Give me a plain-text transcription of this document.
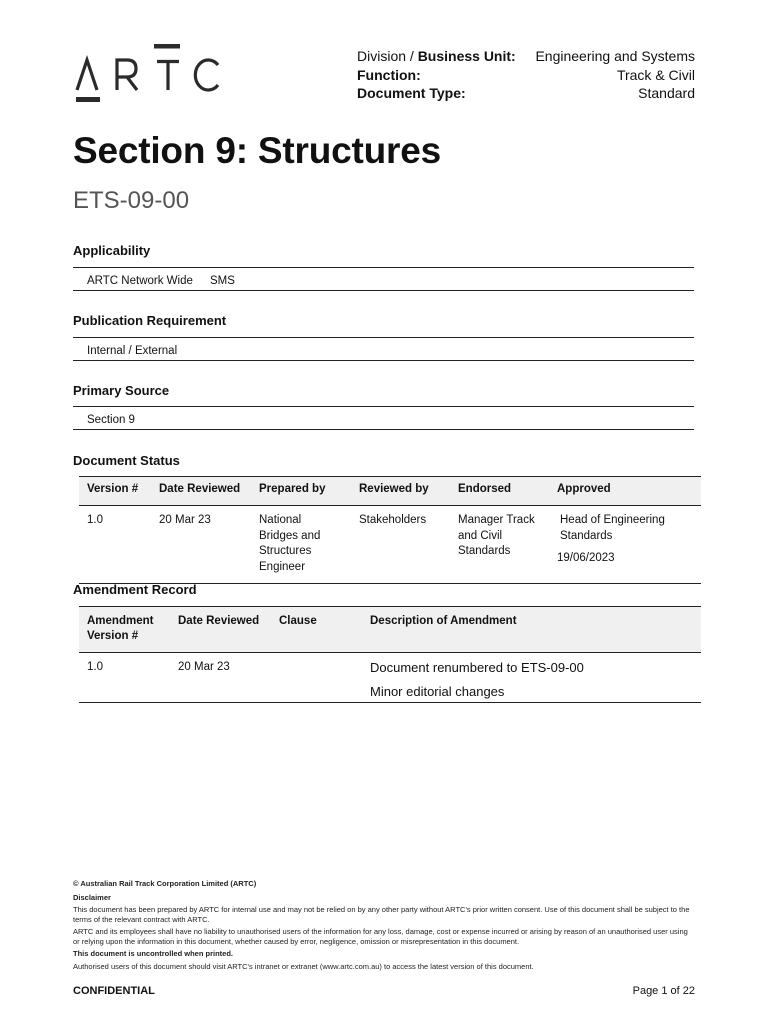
Division / Business Unit: Engineering and Systems
Function:	Track & Civil
Document Type:	Standard
Section 9: Structures
ETS-09-00
Applicability
ARTC Network Wide SMS
Publication Requirement
Internal / External
Primary Source
Section 9
Document Status
Version #	Date Reviewed	Prepared by	Reviewed by	Endorsed	Approved
1.0	20 Mar 23	National Bridges and Structures Engineer	Stakeholders	Manager Track and Civil Standards	Head of Engineering Standards
19/06/2023
Amendment Record
Amendment Version #	Date Reviewed	Clause	Description of Amendment
1.0	20 Mar 23		Document renumbered to ETS-09-00
Minor editorial changes

© Australian Rail Track Corporation Limited (ARTC)

Disclaimer

This document has been prepared by ARTC for internal use and may not be relied on by any other party without ARTC's prior written consent. Use of this document shall be subject to the terms of the relevant contract with ARTC.

ARTC and its employees shall have no liability to unauthorised users of the information for any loss, damage, cost or expense incurred or arising by reason of an unauthorised user using or relying upon the information in this document, whether caused by error, negligence, omission or misrepresentation in this document.

This document is uncontrolled when printed.

Authorised users of this document should visit ARTC's intranet or extranet (www.artc.com.au) to access the latest version of this document.

CONFIDENTIAL	Page 1 of 22
